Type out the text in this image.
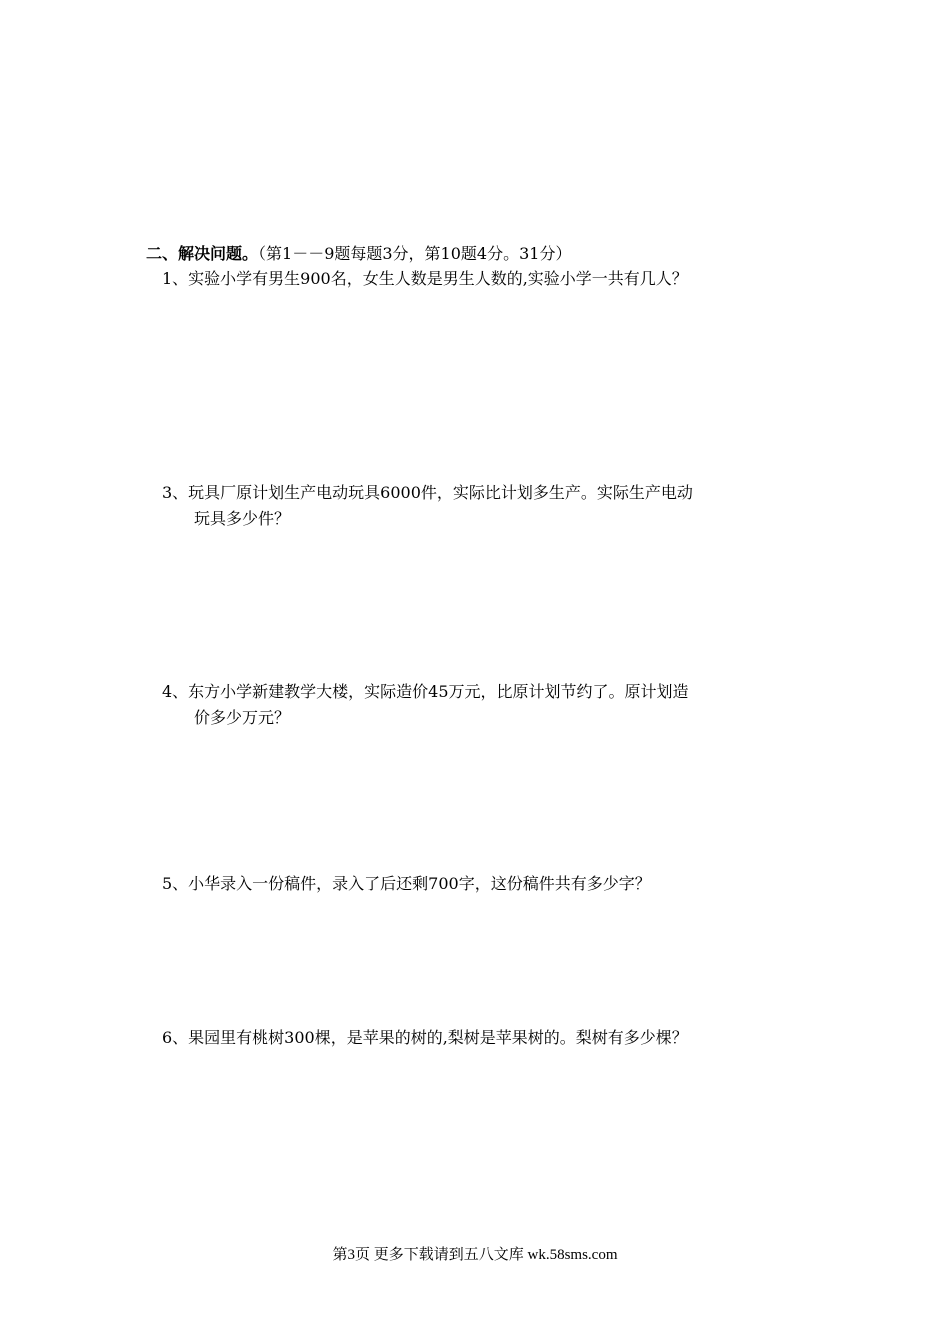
二、解决问题。（第1－－9题每题3分，第10题4分。31分）
1、实验小学有男生900名，女生人数是男生人数的,实验小学一共有几人？
3、玩具厂原计划生产电动玩具6000件，实际比计划多生产。实际生产电动
玩具多少件？
4、东方小学新建教学大楼，实际造价45万元，比原计划节约了。原计划造
价多少万元？
5、小华录入一份稿件，录入了后还剩700字，这份稿件共有多少字？
6、果园里有桃树300棵，是苹果的树的,梨树是苹果树的。梨树有多少棵？
第3页 更多下载请到五八文库 wk.58sms.com
